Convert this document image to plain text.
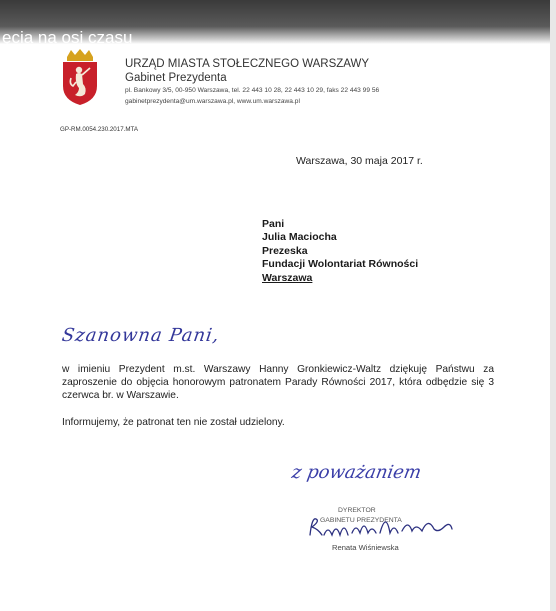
ęcia na osi czasu
URZĄD MIASTA STOŁECZNEGO WARSZAWY
Gabinet Prezydenta
pl. Bankowy 3/5, 00-950 Warszawa, tel. 22 443 10 28, 22 443 10 29, faks 22 443 99 56
gabinetprezydenta@um.warszawa.pl, www.um.warszawa.pl
GP-RM.0054.230.2017.MTA
Warszawa, 30 maja 2017 r.
Pani
Julia Maciocha
Prezeska
Fundacji Wolontariat Równości
Warszawa
Szanowna Pani,
w imieniu Prezydent m.st. Warszawy Hanny Gronkiewicz-Waltz dziękuję Państwu za zaproszenie do objęcia honorowym patronatem Parady Równości 2017, która odbędzie się 3 czerwca br. w Warszawie.
Informujemy, że patronat ten nie został udzielony.
z poważaniem
DYREKTOR
GABINETU PREZYDENTA
Renata Wiśniewska
